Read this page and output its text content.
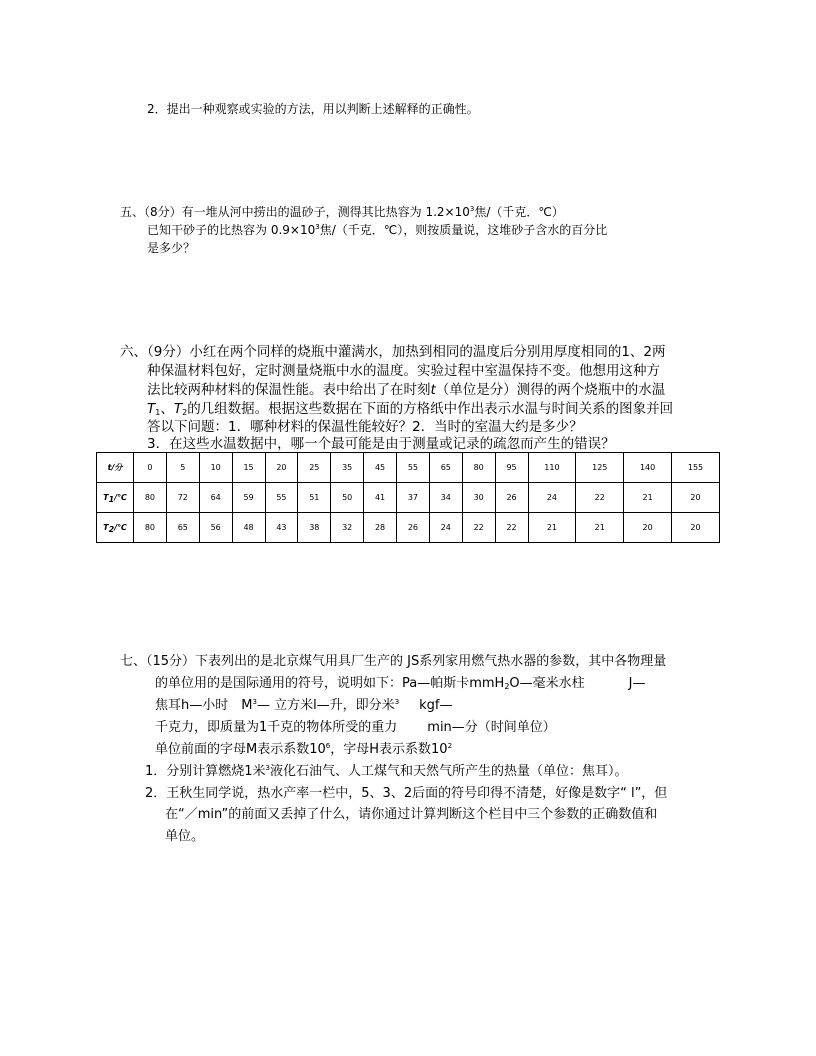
2．提出一种观察或实验的方法，用以判断上述解释的正确性。
五、（8分）有一堆从河中捞出的温砂子，测得其比热容为 $1.2\times 10^3$焦/（千克．℃）
已知干砂子的比热容为 $0.9\times 10^3$焦/（千克．℃），则按质量说，这堆砂子含水的百分比
是多少？
六、（9分）小红在两个同样的烧瓶中灌满水，加热到相同的温度后分别用厚度相同的1、2两
种保温材料包好，定时测量烧瓶中水的温度。实验过程中室温保持不变。他想用这种方
法比较两种材料的保温性能。表中给出了在时刻t（单位是分）测得的两个烧瓶中的水温
$T_1$、$T_2$的几组数据。根据这些数据在下面的方格纸中作出表示水温与时间关系的图象并回
答以下问题：1．哪种材料的保温性能较好？2．当时的室温大约是多少？
3．在这些水温数据中，哪一个最可能是由于测量或记录的疏忽而产生的错误？
t/分	0	5	10	15	20	25	35	45	55	65	80	95	110	125	140	155
$T_1/℃$	80	72	64	59	55	51	50	41	37	34	30	26	24	22	21	20
$T_2/℃$	80	65	56	48	43	38	32	28	26	24	22	22	21	21	20	20
七、（15分）下表列出的是北京煤气用具厂生产的 JS系列家用燃气热水器的参数，其中各物理量
的单位用的是国际通用的符号，说明如下：Pa—帕斯卡mmH$_2$O—毫米水柱	J—
焦耳h—小时 $M^3—$ 立方米l—升，即分米$^3$ kgf—
千克力，即质量为1千克的物体所受的重力 min—分（时间单位）
单位前面的字母M表示系数$10^6$，字母H表示系数$10^2$
1．分别计算燃烧1米$^3$液化石油气、人工煤气和天然气所产生的热量（单位：焦耳）。
2．王秋生同学说，热水产率一栏中，5、3、2后面的符号印得不清楚，好像是数字“ l”，但
在“／min”的前面又丢掉了什么，请你通过计算判断这个栏目中三个参数的正确数值和
单位。
